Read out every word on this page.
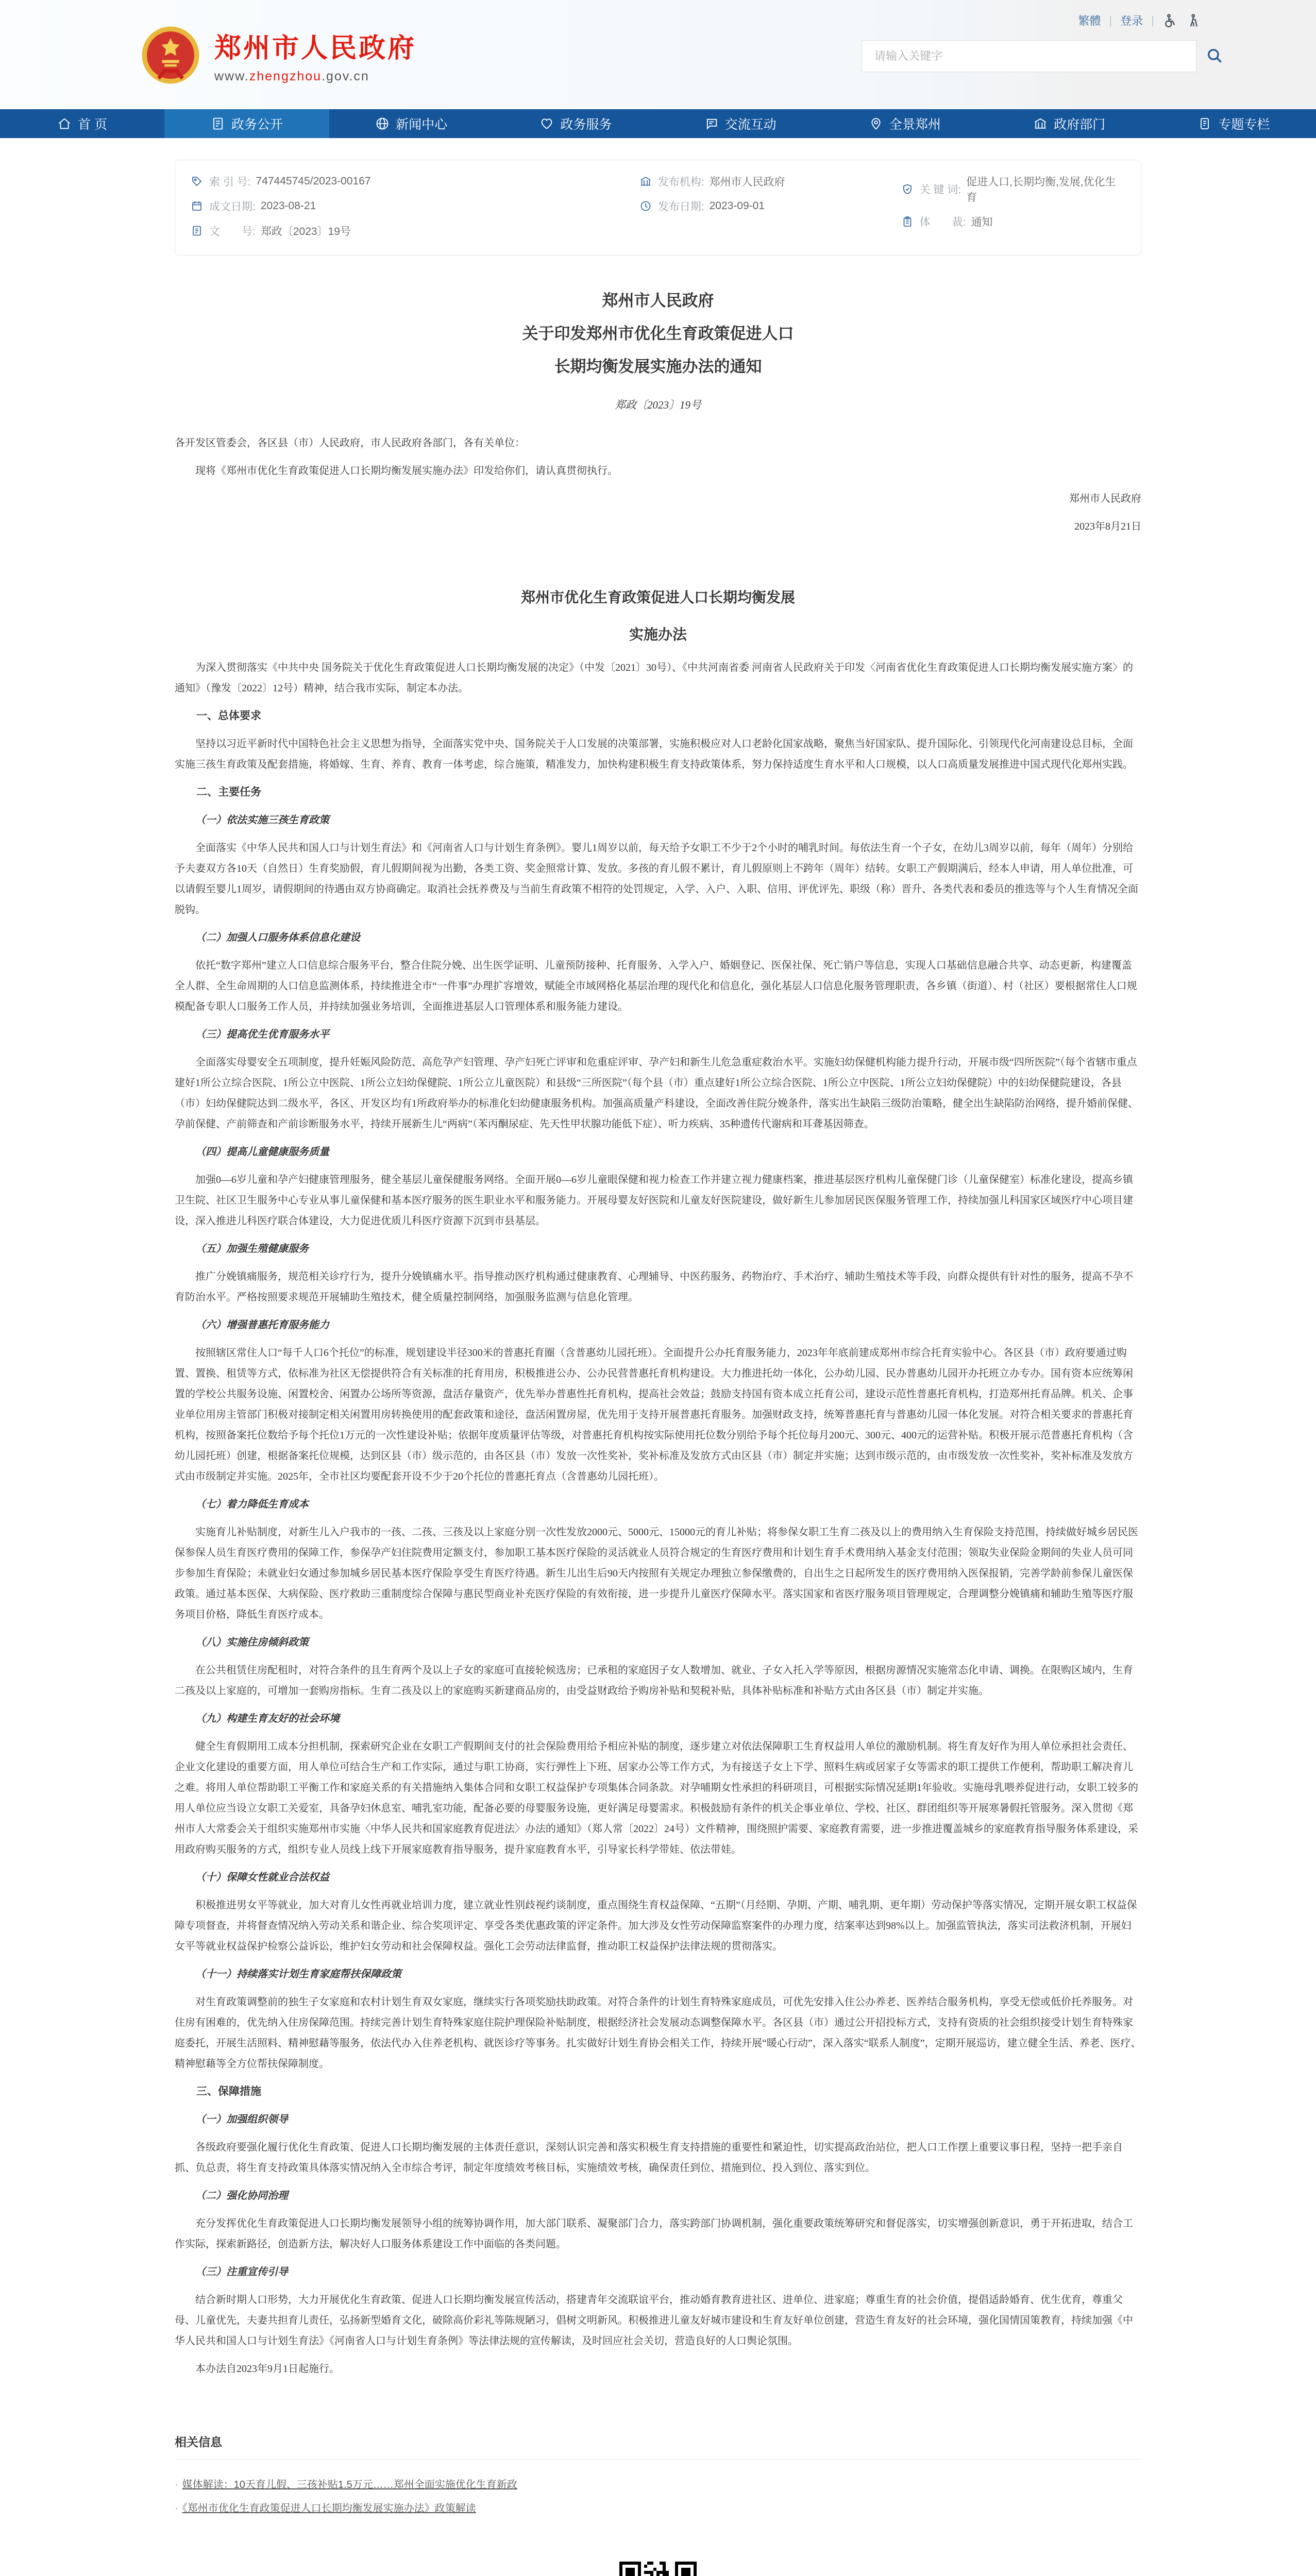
繁體 | 登录 |
郑州市人民政府
www.zhengzhou.gov.cn
请输入关键字
首 页	政务公开	新闻中心	政务服务	交流互动	全景郑州	政府部门	专题专栏
索 引 号: 747445745/2023-00167
成文日期: 2023-08-21
文　　号: 郑政〔2023〕19号
发布机构: 郑州市人民政府
发布日期: 2023-09-01
关 键 词:
促进人口,长期均衡,发展,优化生育
体　　裁: 通知
郑州市人民政府
关于印发郑州市优化生育政策促进人口
长期均衡发展实施办法的通知
郑政〔2023〕19号

各开发区管委会，各区县（市）人民政府，市人民政府各部门，各有关单位：

现将《郑州市优化生育政策促进人口长期均衡发展实施办法》印发给你们，请认真贯彻执行。

郑州市人民政府

2023年8月21日

郑州市优化生育政策促进人口长期均衡发展

实施办法

为深入贯彻落实《中共中央 国务院关于优化生育政策促进人口长期均衡发展的决定》（中发〔2021〕30号）、《中共河南省委 河南省人民政府关于印发〈河南省优化生育政策促进人口长期均衡发展实施方案〉的通知》（豫发〔2022〕12号）精神，结合我市实际，制定本办法。

一、总体要求

坚持以习近平新时代中国特色社会主义思想为指导，全面落实党中央、国务院关于人口发展的决策部署，实施积极应对人口老龄化国家战略，聚焦当好国家队、提升国际化、引领现代化河南建设总目标，全面实施三孩生育政策及配套措施，将婚嫁、生育、养育、教育一体考虑，综合施策，精准发力，加快构建积极生育支持政策体系，努力保持适度生育水平和人口规模，以人口高质量发展推进中国式现代化郑州实践。

二、主要任务

（一）依法实施三孩生育政策

全面落实《中华人民共和国人口与计划生育法》和《河南省人口与计划生育条例》。婴儿1周岁以前，每天给予女职工不少于2个小时的哺乳时间。每依法生育一个子女，在幼儿3周岁以前，每年（周年）分别给予夫妻双方各10天（自然日）生育奖励假，育儿假期间视为出勤，各类工资、奖金照常计算、发放。多孩的育儿假不累计，育儿假原则上不跨年（周年）结转。女职工产假期满后，经本人申请，用人单位批准，可以请假至婴儿1周岁，请假期间的待遇由双方协商确定。取消社会抚养费及与当前生育政策不相符的处罚规定，入学、入户、入职、信用、评优评先、职级（称）晋升、各类代表和委员的推选等与个人生育情况全面脱钩。

（二）加强人口服务体系信息化建设

依托“数字郑州”建立人口信息综合服务平台，整合住院分娩、出生医学证明、儿童预防接种、托育服务、入学入户、婚姻登记、医保社保、死亡销户等信息，实现人口基础信息融合共享、动态更新，构建覆盖全人群、全生命周期的人口信息监测体系，持续推进全市“一件事”办理扩容增效，赋能全市域网格化基层治理的现代化和信息化，强化基层人口信息化服务管理职责，各乡镇（街道）、村（社区）要根据常住人口规模配备专职人口服务工作人员，并持续加强业务培训，全面推进基层人口管理体系和服务能力建设。

（三）提高优生优育服务水平

全面落实母婴安全五项制度，提升妊娠风险防范、高危孕产妇管理、孕产妇死亡评审和危重症评审、孕产妇和新生儿危急重症救治水平。实施妇幼保健机构能力提升行动，开展市级“四所医院”（每个省辖市重点建好1所公立综合医院、1所公立中医院、1所公立妇幼保健院、1所公立儿童医院）和县级“三所医院”（每个县（市）重点建好1所公立综合医院、1所公立中医院、1所公立妇幼保健院）中的妇幼保健院建设，各县（市）妇幼保健院达到二级水平，各区、开发区均有1所政府举办的标准化妇幼健康服务机构。加强高质量产科建设，全面改善住院分娩条件，落实出生缺陷三级防治策略，健全出生缺陷防治网络，提升婚前保健、孕前保健、产前筛查和产前诊断服务水平，持续开展新生儿“两病”（苯丙酮尿症、先天性甲状腺功能低下症）、听力疾病、35种遗传代谢病和耳聋基因筛查。

（四）提高儿童健康服务质量

加强0—6岁儿童和孕产妇健康管理服务，健全基层儿童保健服务网络。全面开展0—6岁儿童眼保健和视力检查工作并建立视力健康档案，推进基层医疗机构儿童保健门诊（儿童保健室）标准化建设，提高乡镇卫生院、社区卫生服务中心专业从事儿童保健和基本医疗服务的医生职业水平和服务能力。开展母婴友好医院和儿童友好医院建设，做好新生儿参加居民医保服务管理工作，持续加强儿科国家区域医疗中心项目建设，深入推进儿科医疗联合体建设，大力促进优质儿科医疗资源下沉到市县基层。

（五）加强生殖健康服务

推广分娩镇痛服务，规范相关诊疗行为，提升分娩镇痛水平。指导推动医疗机构通过健康教育、心理辅导、中医药服务、药物治疗、手术治疗、辅助生殖技术等手段，向群众提供有针对性的服务，提高不孕不育防治水平。严格按照要求规范开展辅助生殖技术，健全质量控制网络，加强服务监测与信息化管理。

（六）增强普惠托育服务能力

按照辖区常住人口“每千人口6个托位”的标准，规划建设半径300米的普惠托育圈（含普惠幼儿园托班）。全面提升公办托育服务能力，2023年年底前建成郑州市综合托育实验中心。各区县（市）政府要通过购置、置换、租赁等方式，依标准为社区无偿提供符合有关标准的托育用房，积极推进公办、公办民营普惠托育机构建设。大力推进托幼一体化，公办幼儿园、民办普惠幼儿园开办托班立办专办。国有资本应统筹闲置的学校公共服务设施、闲置校舍、闲置办公场所等资源，盘活存量资产，优先举办普惠性托育机构，提高社会效益；鼓励支持国有资本成立托育公司，建设示范性普惠托育机构，打造郑州托育品牌。机关、企事业单位用房主管部门积极对接制定相关闲置用房转换使用的配套政策和途径，盘活闲置房屋，优先用于支持开展普惠托育服务。加强财政支持，统筹普惠托育与普惠幼儿园一体化发展。对符合相关要求的普惠托育机构，按照备案托位数给予每个托位1万元的一次性建设补贴；依据年度质量评估等级，对普惠托育机构按实际使用托位数分别给予每个托位每月200元、300元、400元的运营补贴。积极开展示范普惠托育机构（含幼儿园托班）创建，根据备案托位规模，达到区县（市）级示范的，由各区县（市）发放一次性奖补，奖补标准及发放方式由区县（市）制定并实施；达到市级示范的，由市级发放一次性奖补，奖补标准及发放方式由市级制定并实施。2025年，全市社区均要配套开设不少于20个托位的普惠托育点（含普惠幼儿园托班）。

（七）着力降低生育成本

实施育儿补贴制度，对新生儿入户我市的一孩、二孩、三孩及以上家庭分别一次性发放2000元、5000元、15000元的育儿补贴；将参保女职工生育二孩及以上的费用纳入生育保险支持范围，持续做好城乡居民医保参保人员生育医疗费用的保障工作，参保孕产妇住院费用定额支付，参加职工基本医疗保险的灵活就业人员符合规定的生育医疗费用和计划生育手术费用纳入基金支付范围；领取失业保险金期间的失业人员可同步参加生育保险；未就业妇女通过参加城乡居民基本医疗保险享受生育医疗待遇。新生儿出生后90天内按照有关规定办理独立参保缴费的，自出生之日起所发生的医疗费用纳入医保报销，完善学龄前参保儿童医保政策。通过基本医保、大病保险、医疗救助三重制度综合保障与惠民型商业补充医疗保险的有效衔接，进一步提升儿童医疗保障水平。落实国家和省医疗服务项目管理规定，合理调整分娩镇痛和辅助生殖等医疗服务项目价格，降低生育医疗成本。

（八）实施住房倾斜政策

在公共租赁住房配租时，对符合条件的且生育两个及以上子女的家庭可直接轮候选房；已承租的家庭因子女人数增加、就业、子女入托入学等原因，根据房源情况实施常态化申请、调换。在限购区域内，生育二孩及以上家庭的，可增加一套购房指标。生育二孩及以上的家庭购买新建商品房的，由受益财政给予购房补贴和契税补贴，具体补贴标准和补贴方式由各区县（市）制定并实施。

（九）构建生育友好的社会环境

健全生育假期用工成本分担机制，探索研究企业在女职工产假期间支付的社会保险费用给予相应补贴的制度，逐步建立对依法保障职工生育权益用人单位的激励机制。将生育友好作为用人单位承担社会责任、企业文化建设的重要方面，用人单位可结合生产和工作实际，通过与职工协商，实行弹性上下班、居家办公等工作方式，为有接送子女上下学、照料生病或居家子女等需求的职工提供工作便利，帮助职工解决育儿之难。将用人单位帮助职工平衡工作和家庭关系的有关措施纳入集体合同和女职工权益保护专项集体合同条款。对孕哺期女性承担的科研项目，可根据实际情况延期1年验收。实施母乳喂养促进行动，女职工较多的用人单位应当设立女职工关爱室，具备孕妇休息室、哺乳室功能，配备必要的母婴服务设施，更好满足母婴需求。积极鼓励有条件的机关企事业单位、学校、社区、群团组织等开展寒暑假托管服务。深入贯彻《郑州市人大常委会关于组织实施郑州市实施〈中华人民共和国家庭教育促进法〉办法的通知》（郑人常〔2022〕24号）文件精神，围绕照护需要、家庭教育需要，进一步推进覆盖城乡的家庭教育指导服务体系建设，采用政府购买服务的方式，组织专业人员线上线下开展家庭教育指导服务，提升家庭教育水平，引导家长科学带娃、依法带娃。

（十）保障女性就业合法权益

积极推进男女平等就业，加大对育儿女性再就业培训力度，建立就业性别歧视约谈制度，重点围绕生育权益保障、“五期”（月经期、孕期、产期、哺乳期、更年期）劳动保护等落实情况，定期开展女职工权益保障专项督查，并将督查情况纳入劳动关系和谐企业、综合奖项评定、享受各类优惠政策的评定条件。加大涉及女性劳动保障监察案件的办理力度，结案率达到98%以上。加强监管执法，落实司法救济机制，开展妇女平等就业权益保护检察公益诉讼，维护妇女劳动和社会保障权益。强化工会劳动法律监督，推动职工权益保护法律法规的贯彻落实。

（十一）持续落实计划生育家庭帮扶保障政策

对生育政策调整前的独生子女家庭和农村计划生育双女家庭，继续实行各项奖励扶助政策。对符合条件的计划生育特殊家庭成员，可优先安排入住公办养老、医养结合服务机构，享受无偿或低价托养服务。对住房有困难的，优先纳入住房保障范围。持续完善计划生育特殊家庭住院护理保险补贴制度，根据经济社会发展动态调整保障水平。各区县（市）通过公开招投标方式，支持有资质的社会组织接受计划生育特殊家庭委托，开展生活照料、精神慰藉等服务，依法代办入住养老机构、就医诊疗等事务。扎实做好计划生育协会相关工作，持续开展“暖心行动”，深入落实“联系人制度”，定期开展巡访，建立健全生活、养老、医疗、精神慰藉等全方位帮扶保障制度。

三、保障措施

（一）加强组织领导

各级政府要强化履行优化生育政策、促进人口长期均衡发展的主体责任意识，深刻认识完善和落实积极生育支持措施的重要性和紧迫性，切实提高政治站位，把人口工作摆上重要议事日程，坚持一把手亲自抓、负总责，将生育支持政策具体落实情况纳入全市综合考评，制定年度绩效考核目标，实施绩效考核，确保责任到位、措施到位、投入到位、落实到位。

（二）强化协同治理

充分发挥优化生育政策促进人口长期均衡发展领导小组的统筹协调作用，加大部门联系、凝聚部门合力，落实跨部门协调机制，强化重要政策统筹研究和督促落实，切实增强创新意识，勇于开拓进取，结合工作实际，探索新路径，创造新方法，解决好人口服务体系建设工作中面临的各类问题。

（三）注重宣传引导

结合新时期人口形势，大力开展优化生育政策、促进人口长期均衡发展宣传活动，搭建青年交流联谊平台，推动婚育教育进社区、进单位、进家庭；尊重生育的社会价值，提倡适龄婚育、优生优育，尊重父母、儿童优先，夫妻共担育儿责任，弘扬新型婚育文化，破除高价彩礼等陈规陋习，倡树文明新风。积极推进儿童友好城市建设和生育友好单位创建，营造生育友好的社会环境，强化国情国策教育，持续加强《中华人民共和国人口与计划生育法》《河南省人口与计划生育条例》等法律法规的宣传解读，及时回应社会关切，营造良好的人口舆论氛围。

本办法自2023年9月1日起施行。

相关信息

· 媒体解读：10天育儿假、三孩补贴1.5万元……郑州全面实施优化生育新政

· 《郑州市优化生育政策促进人口长期均衡发展实施办法》政策解读
